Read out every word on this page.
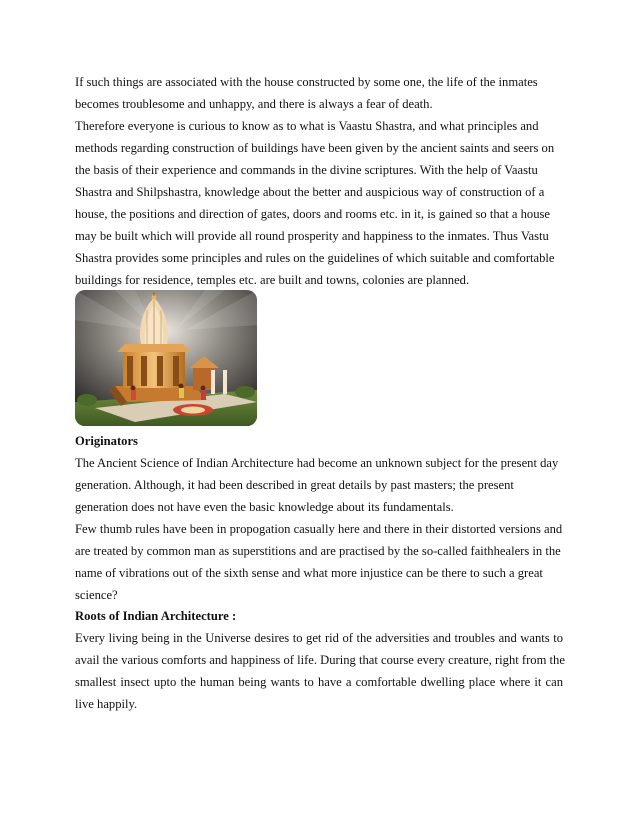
If such things are associated with the house constructed by some one, the life of the inmates
becomes troublesome and unhappy, and there is always a fear of death.
Therefore everyone is curious to know as to what is Vaastu Shastra, and what principles and
methods regarding construction of buildings have been given by the ancient saints and seers on
the basis of their experience and commands in the divine scriptures. With the help of Vaastu
Shastra and Shilpshastra, knowledge about the better and auspicious way of construction of a
house, the positions and direction of gates, doors and rooms etc. in it, is gained so that a house
may be built which will provide all round prosperity and happiness to the inmates. Thus Vastu
Shastra provides some principles and rules on the guidelines of which suitable and comfortable
buildings for residence, temples etc. are built and towns, colonies are planned.
Originators
The Ancient Science of Indian Architecture had become an unknown subject for the present day
generation. Although, it had been described in great details by past masters; the present
generation does not have even the basic knowledge about its fundamentals.
Few thumb rules have been in propogation casually here and there in their distorted versions and
are treated by common man as superstitions and are practised by the so-called faithhealers in the
name of vibrations out of the sixth sense and what more injustice can be there to such a great
science?
Roots of Indian Architecture :
Every living being in the Universe desires to get rid of the adversities and troubles and wants to
avail the various comforts and happiness of life. During that course every creature, right from the
smallest insect upto the human being wants to have a comfortable dwelling place where it can
live happily.
